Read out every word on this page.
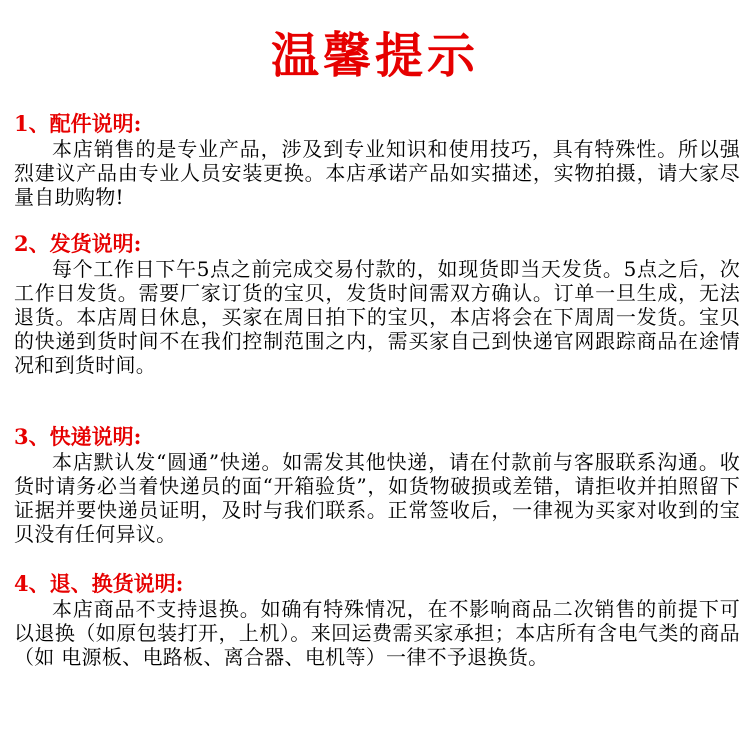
温馨提示

1、配件说明:

本店销售的是专业产品，涉及到专业知识和使用技巧，具有特殊性。所以强烈建议产品由专业人员安装更换。本店承诺产品如实描述，实物拍摄，请大家尽量自助购物!

2、发货说明:

每个工作日下午5点之前完成交易付款的，如现货即当天发货。5点之后，次工作日发货。需要厂家订货的宝贝，发货时间需双方确认。订单一旦生成，无法退货。本店周日休息，买家在周日拍下的宝贝，本店将会在下周周一发货。宝贝的快递到货时间不在我们控制范围之内，需买家自己到快递官网跟踪商品在途情况和到货时间。

3、快递说明:

本店默认发“圆通”快递。如需发其他快递，请在付款前与客服联系沟通。收货时请务必当着快递员的面“开箱验货”，如货物破损或差错，请拒收并拍照留下证据并要快递员证明，及时与我们联系。正常签收后，一律视为买家对收到的宝贝没有任何异议。

4、退、换货说明:

本店商品不支持退换。如确有特殊情况，在不影响商品二次销售的前提下可以退换（如原包装打开，上机）。来回运费需买家承担；本店所有含电气类的商品（如 电源板、电路板、离合器、电机等）一律不予退换货。
